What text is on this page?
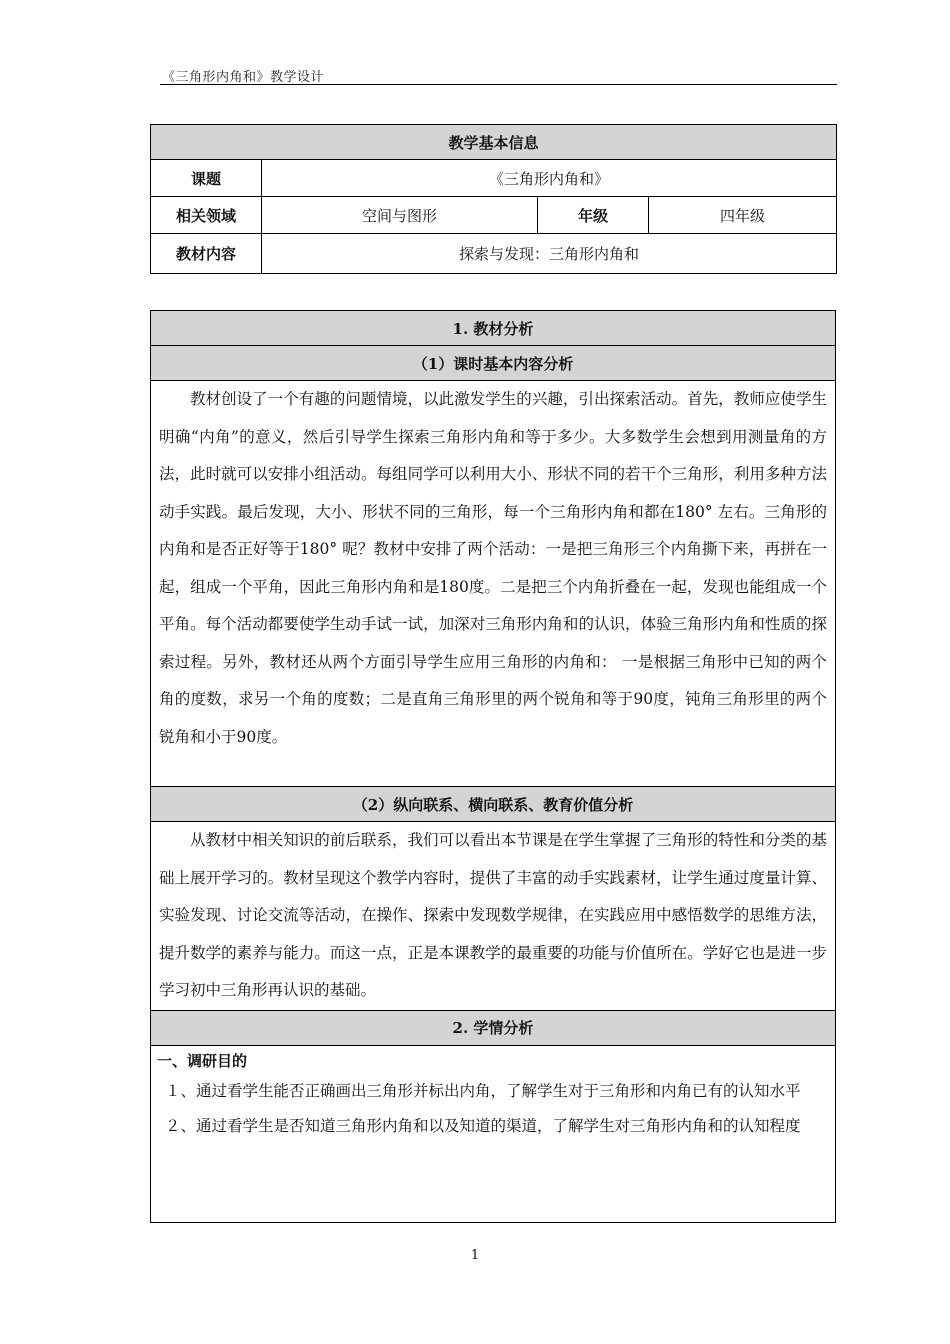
《三角形内角和》教学设计
教学基本信息			
课题	《三角形内角和》		
相关领域	空间与图形	年级	四年级
教材内容	探索与发现：三角形内角和		
1. 教材分析
（1）课时基本内容分析

教材创设了一个有趣的问题情境，以此激发学生的兴趣，引出探索活动。首先，教师应使学生明确“内角”的意义，然后引导学生探索三角形内角和等于多少。大多数学生会想到用测量角的方法，此时就可以安排小组活动。每组同学可以利用大小、形状不同的若干个三角形，利用多种方法动手实践。最后发现，大小、形状不同的三角形，每一个三角形内角和都在180° 左右。三角形的内角和是否正好等于180° 呢？教材中安排了两个活动：一是把三角形三个内角撕下来，再拼在一起，组成一个平角，因此三角形内角和是180度。二是把三个内角折叠在一起，发现也能组成一个平角。每个活动都要使学生动手试一试，加深对三角形内角和的认识，体验三角形内角和性质的探索过程。另外，教材还从两个方面引导学生应用三角形的内角和： 一是根据三角形中已知的两个角的度数，求另一个角的度数；二是直角三角形里的两个锐角和等于90度，钝角三角形里的两个锐角和小于90度。

（2）纵向联系、横向联系、教育价值分析

从教材中相关知识的前后联系，我们可以看出本节课是在学生掌握了三角形的特性和分类的基础上展开学习的。教材呈现这个教学内容时，提供了丰富的动手实践素材，让学生通过度量计算、实验发现、讨论交流等活动，在操作、探索中发现数学规律，在实践应用中感悟数学的思维方法，提升数学的素养与能力。而这一点，正是本课教学的最重要的功能与价值所在。学好它也是进一步学习初中三角形再认识的基础。

2. 学情分析

一、调研目的

１、通过看学生能否正确画出三角形并标出内角，了解学生对于三角形和内角已有的认知水平

２、通过看学生是否知道三角形内角和以及知道的渠道，了解学生对三角形内角和的认知程度

1
